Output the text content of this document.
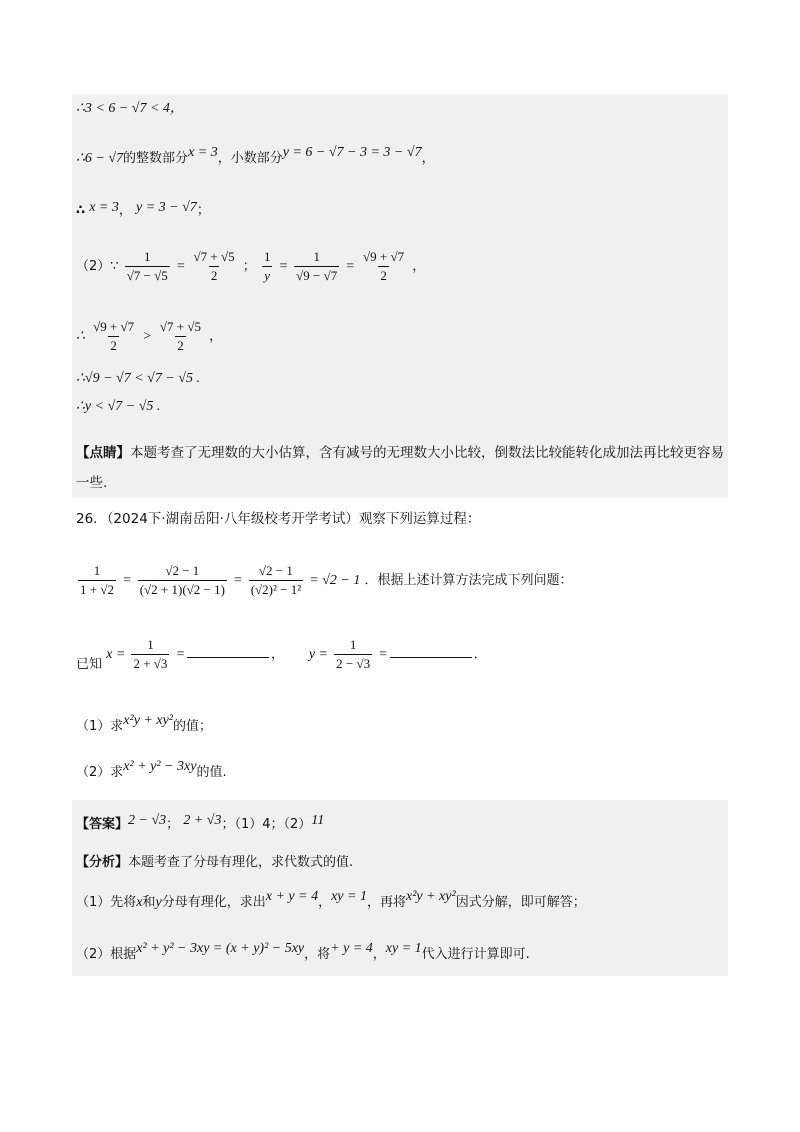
∴3 < 6 − √7 < 4，
∴6 − √7的整数部分x = 3，小数部分y = 6 − √7 − 3 = 3 − √7，
∴ x = 3， y = 3 − √7；
（2）∵ $\frac{1}{√7 - √5} = \frac{√7 + √5}{2}$ ； $\frac{1}{y} = \frac{1}{√9 - √7} = \frac{√9 + √7}{2}$ ，
∴ $\frac{√9 + √7}{2} > \frac{√7 + √5}{2}$ ，
∴√9 − √7 < √7 − √5 .
∴y < √7 − √5 .
【点睛】本题考查了无理数的大小估算，含有减号的无理数大小比较，倒数法比较能转化成加法再比较更容易一些.
26．（2024下·湖南岳阳·八年级校考开学考试）观察下列运算过程：
$\frac{1}{1 + √2} = \frac{√2 - 1}{(√2 + 1)(√2 - 1)} = \frac{√2 - 1}{\text{(√2)² − 1²}} = √2 - 1$ ．根据上述计算方法完成下列问题：
已知 $x = \frac{1}{2 + √3}$ =	， $y = \frac{1}{2 - √3}$ =	．
（1）求x²y + xy²的值；
（2）求x² + y² − 3xy的值.
【答案】2 − √3； 2 + √3；（1）4；（2）11
【分析】本题考查了分母有理化，求代数式的值.
（1）先将x和y分母有理化，求出x + y = 4，xy = 1，再将x²y + xy²因式分解，即可解答；
（2）根据x² + y² − 3xy = (x + y)² − 5xy，将+ y = 4，xy = 1代入进行计算即可.
